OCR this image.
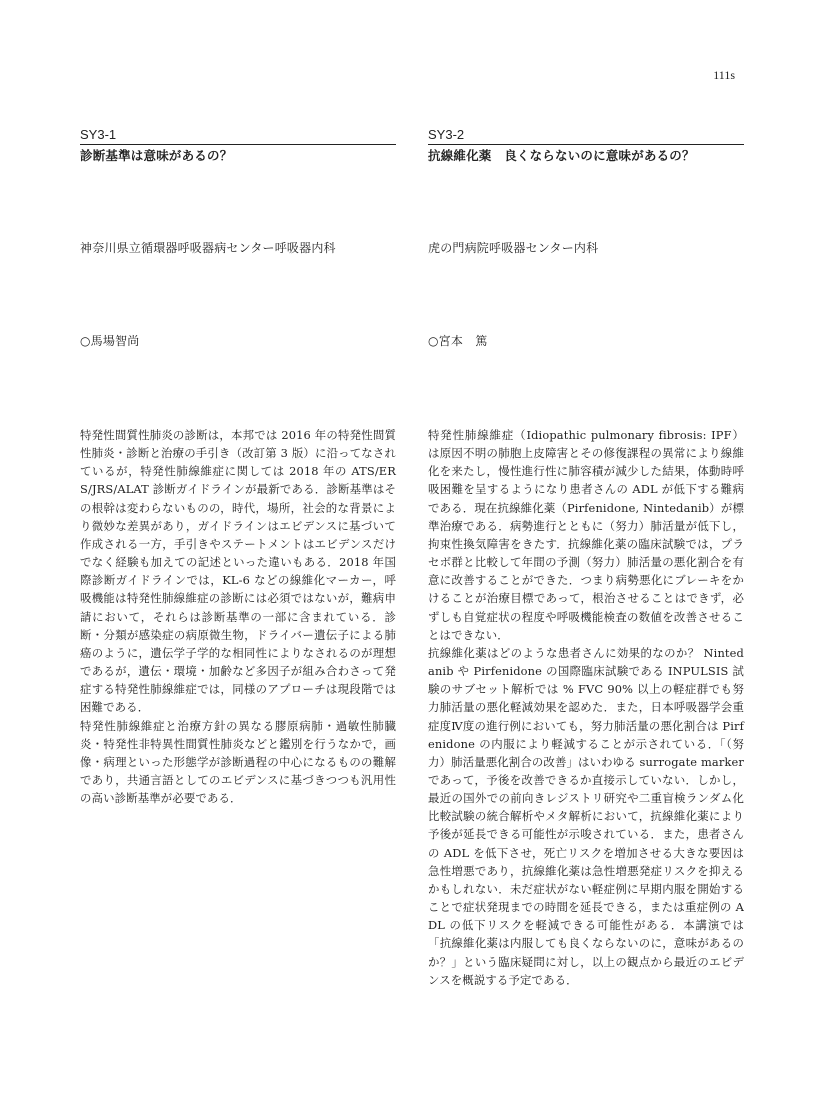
111s
SY3-1
診断基準は意味があるの？
神奈川県立循環器呼吸器病センター呼吸器内科
○馬場智尚

特発性間質性肺炎の診断は，本邦では 2016 年の特発性間質性肺炎・診断と治療の手引き（改訂第 3 版）に沿ってなされているが，特発性肺線維症に関しては 2018 年の ATS/ERS/JRS/ALAT 診断ガイドラインが最新である．診断基準はその根幹は変わらないものの，時代，場所，社会的な背景により微妙な差異があり，ガイドラインはエビデンスに基づいて作成される一方，手引きやステートメントはエビデンスだけでなく経験も加えての記述といった違いもある．2018 年国際診断ガイドラインでは，KL-6 などの線維化マーカー，呼吸機能は特発性肺線維症の診断には必須ではないが，難病申請において，それらは診断基準の一部に含まれている．診断・分類が感染症の病原微生物，ドライバー遺伝子による肺癌のように，遺伝学子学的な相同性によりなされるのが理想であるが，遺伝・環境・加齢など多因子が組み合わさって発症する特発性肺線維症では，同様のアプローチは現段階では困難である．

特発性肺線維症と治療方針の異なる膠原病肺・過敏性肺臓炎・特発性非特異性間質性肺炎などと鑑別を行うなかで，画像・病理といった形態学が診断過程の中心になるものの難解であり，共通言語としてのエビデンスに基づきつつも汎用性の高い診断基準が必要である．

SY3-2
抗線維化薬　良くならないのに意味があるの？
虎の門病院呼吸器センター内科
○宮本　篤

特発性肺線維症（Idiopathic pulmonary fibrosis: IPF）は原因不明の肺胞上皮障害とその修復課程の異常により線維化を来たし，慢性進行性に肺容積が減少した結果，体動時呼吸困難を呈するようになり患者さんの ADL が低下する難病である．現在抗線維化薬（Pirfenidone, Nintedanib）が標準治療である．病勢進行とともに（努力）肺活量が低下し，拘束性換気障害をきたす．抗線維化薬の臨床試験では，プラセボ群と比較して年間の予測（努力）肺活量の悪化割合を有意に改善することができた．つまり病勢悪化にブレーキをかけることが治療目標であって，根治させることはできず，必ずしも自覚症状の程度や呼吸機能検査の数値を改善させることはできない．

抗線維化薬はどのような患者さんに効果的なのか？ Nintedanib や Pirfenidone の国際臨床試験である INPULSIS 試験のサブセット解析では % FVC 90% 以上の軽症群でも努力肺活量の悪化軽減効果を認めた．また，日本呼吸器学会重症度Ⅳ度の進行例においても，努力肺活量の悪化割合は Pirfenidone の内服により軽減することが示されている．「（努力）肺活量悪化割合の改善」はいわゆる surrogate marker であって，予後を改善できるか直接示していない．しかし，最近の国外での前向きレジストリ研究や二重盲検ランダム化比較試験の統合解析やメタ解析において，抗線維化薬により予後が延長できる可能性が示唆されている．また，患者さんの ADL を低下させ，死亡リスクを増加させる大きな要因は急性増悪であり，抗線維化薬は急性増悪発症リスクを抑えるかもしれない．未だ症状がない軽症例に早期内服を開始することで症状発現までの時間を延長できる，または重症例の ADL の低下リスクを軽減できる可能性がある．本講演では「抗線維化薬は内服しても良くならないのに，意味があるのか？」という臨床疑問に対し，以上の観点から最近のエビデンスを概説する予定である．
